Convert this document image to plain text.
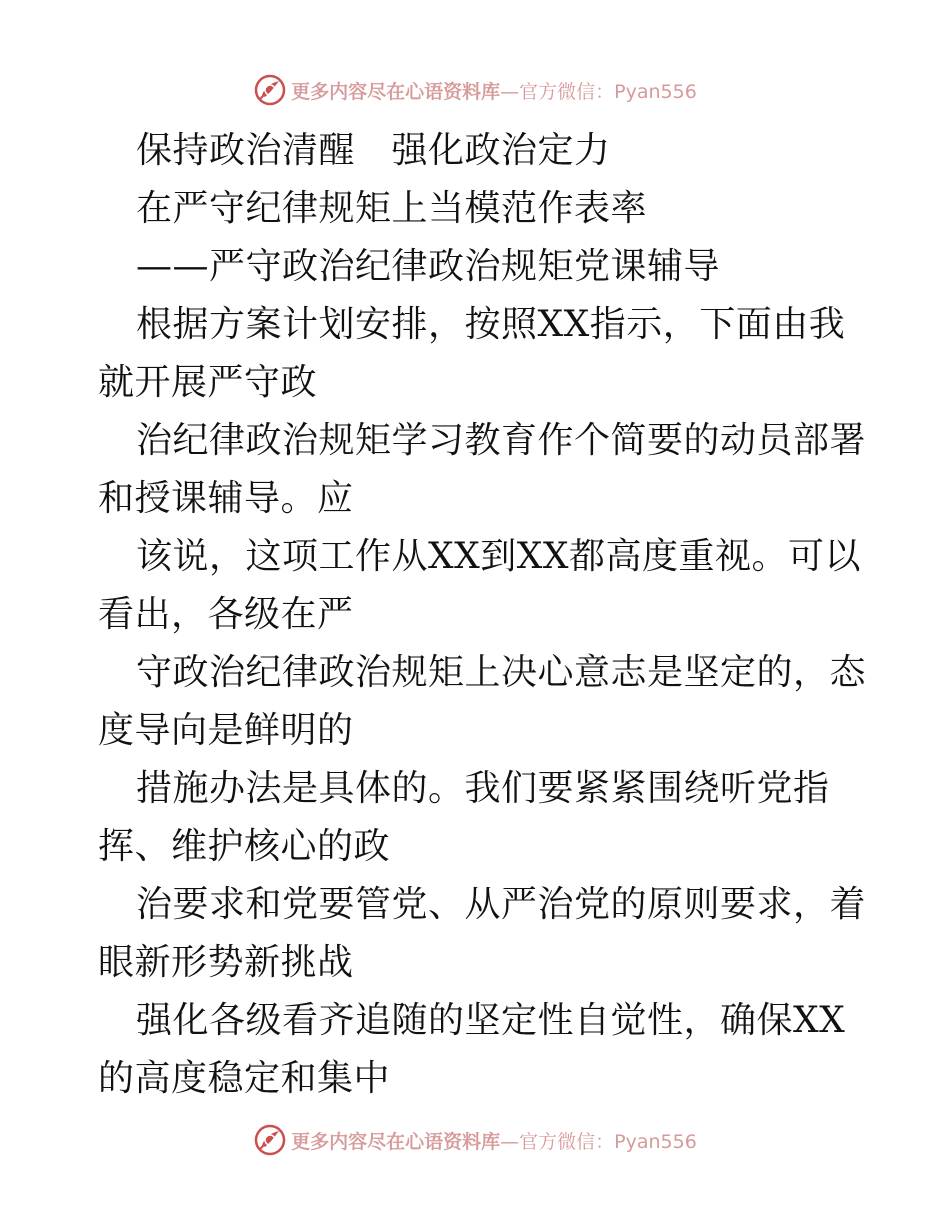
更多内容尽在心语资料库 —官方微信：Pyan556

保持政治清醒　强化政治定力

在严守纪律规矩上当模范作表率

——严守政治纪律政治规矩党课辅导

根据方案计划安排，按照XX指示，下面由我就开展严守政

治纪律政治规矩学习教育作个简要的动员部署和授课辅导。应

该说，这项工作从XX到XX都高度重视。可以看出，各级在严

守政治纪律政治规矩上决心意志是坚定的，态度导向是鲜明的

措施办法是具体的。我们要紧紧围绕听党指挥、维护核心的政

治要求和党要管党、从严治党的原则要求，着眼新形势新挑战

强化各级看齐追随的坚定性自觉性，确保XX的高度稳定和集中

更多内容尽在心语资料库 —官方微信：Pyan556
